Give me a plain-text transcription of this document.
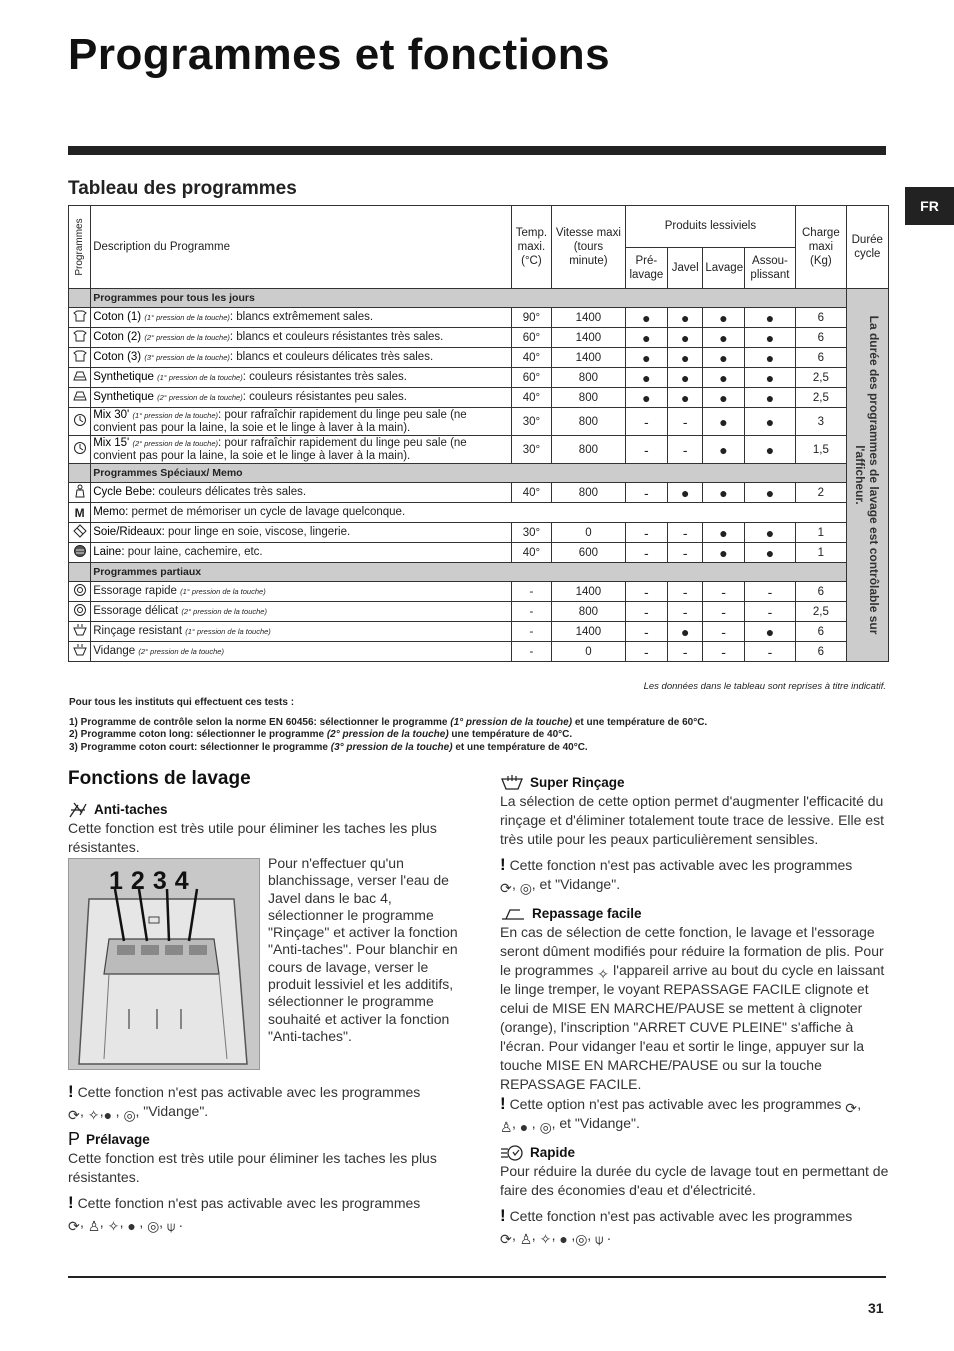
Programmes et fonctions
FR
Tableau des programmes
Programmes	Description du Programme	Temp. maxi. (°C)	Vitesse maxi (tours minute)	Produits lessiviels				Charge maxi (Kg)	Durée cycle
				Pré-lavage	Javel	Lavage	Assou-plissant		
	Programmes pour tous les jours								La durée des programmes de lavage est contrôlable sur l'afficheur.

	Coton (1) (1° pression de la touche): blancs extrêmement sales.	90°	1400	●	●	●	●	6	
	Coton (2) (2° pression de la touche): blancs et couleurs résistantes très sales.	60°	1400	●	●	●	●	6	
	Coton (3) (3° pression de la touche): blancs et couleurs délicates très sales.	40°	1400	●	●	●	●	6	
	Synthetique (1° pression de la touche): couleurs résistantes très sales.	60°	800	●	●	●	●	2,5	
	Synthetique (2° pression de la touche): couleurs résistantes peu sales.	40°	800	●	●	●	●	2,5	
	Mix 30' (1° pression de la touche): pour rafraîchir rapidement du linge peu sale (ne convient pas pour la laine, la soie et le linge à laver à la main).	30°	800	-	-	●	●	3	
	Mix 15' (2° pression de la touche): pour rafraîchir rapidement du linge peu sale (ne convient pas pour la laine, la soie et le linge à laver à la main).	30°	800	-	-	●	●	1,5	
	Programmes Spéciaux/ Memo								
	Cycle Bebe: couleurs délicates très sales.	40°	800	-	●	●	●	2	
M	Memo: permet de mémoriser un cycle de lavage quelconque.								
	Soie/Rideaux: pour linge en soie, viscose, lingerie.	30°	0	-	-	●	●	1	
	Laine: pour laine, cachemire, etc.	40°	600	-	-	●	●	1	
	Programmes partiaux								
	Essorage rapide (1° pression de la touche)	-	1400	-	-	-	-	6	
	Essorage délicat (2° pression de la touche)	-	800	-	-	-	-	2,5	
	Rinçage resistant (1° pression de la touche)	-	1400	-	●	-	●	6	
	Vidange (2° pression de la touche)	-	0	-	-	-	-	6	
Les données dans le tableau sont reprises à titre indicatif.

Pour tous les instituts qui effectuent ces tests :

1) Programme de contrôle selon la norme EN 60456: sélectionner le programme (1° pression de la touche) et une température de 60°C.

2) Programme coton long: sélectionner le programme (2° pression de la touche) une température de 40°C.

3) Programme coton court: sélectionner le programme (3° pression de la touche) et une température de 40°C.

Fonctions de lavage
Anti-taches

Cette fonction est très utile pour éliminer les taches les plus résistantes.

1234
Pour n'effectuer qu'un blanchissage, verser l'eau de Javel dans le bac 4, sélectionner le programme "Rinçage" et activer la fonction "Anti-taches". Pour blanchir en cours de lavage, verser le produit lessiviel et les additifs, sélectionner le programme souhaité et activer la fonction "Anti-taches".

! Cette fonction n'est pas activable avec les programmes

⟳, ✧,● , ◎, "Vidange".

P Prélavage

Cette fonction est très utile pour éliminer les taches les plus résistantes.

! Cette fonction n'est pas activable avec les programmes

⟳, ♙, ✧, ● , ◎, ⍦ .

Super Rinçage

La sélection de cette option permet d'augmenter l'efficacité du rinçage et d'éliminer totalement toute trace de lessive. Elle est très utile pour les peaux particulièrement sensibles.

! Cette fonction n'est pas activable avec les programmes

⟳, ◎, et "Vidange".

Repassage facile

En cas de sélection de cette fonction, le lavage et l'essorage seront dûment modifiés pour réduire la formation de plis. Pour le programmes ✧ l'appareil arrive au bout du cycle en laissant le linge tremper, le voyant REPASSAGE FACILE clignote et celui de MISE EN MARCHE/PAUSE se mettent à clignoter (orange), l'inscription "ARRET CUVE PLEINE" s'affiche à l'écran. Pour vidanger l'eau et sortir le linge, appuyer sur la touche MISE EN MARCHE/PAUSE ou sur la touche REPASSAGE FACILE.

! Cette option n'est pas activable avec les programmes ⟳,

♙, ● , ◎, et "Vidange".

Rapide

Pour réduire la durée du cycle de lavage tout en permettant de faire des économies d'eau et d'électricité.

! Cette fonction n'est pas activable avec les programmes

⟳, ♙, ✧, ● ,◎, ⍦ .

31
